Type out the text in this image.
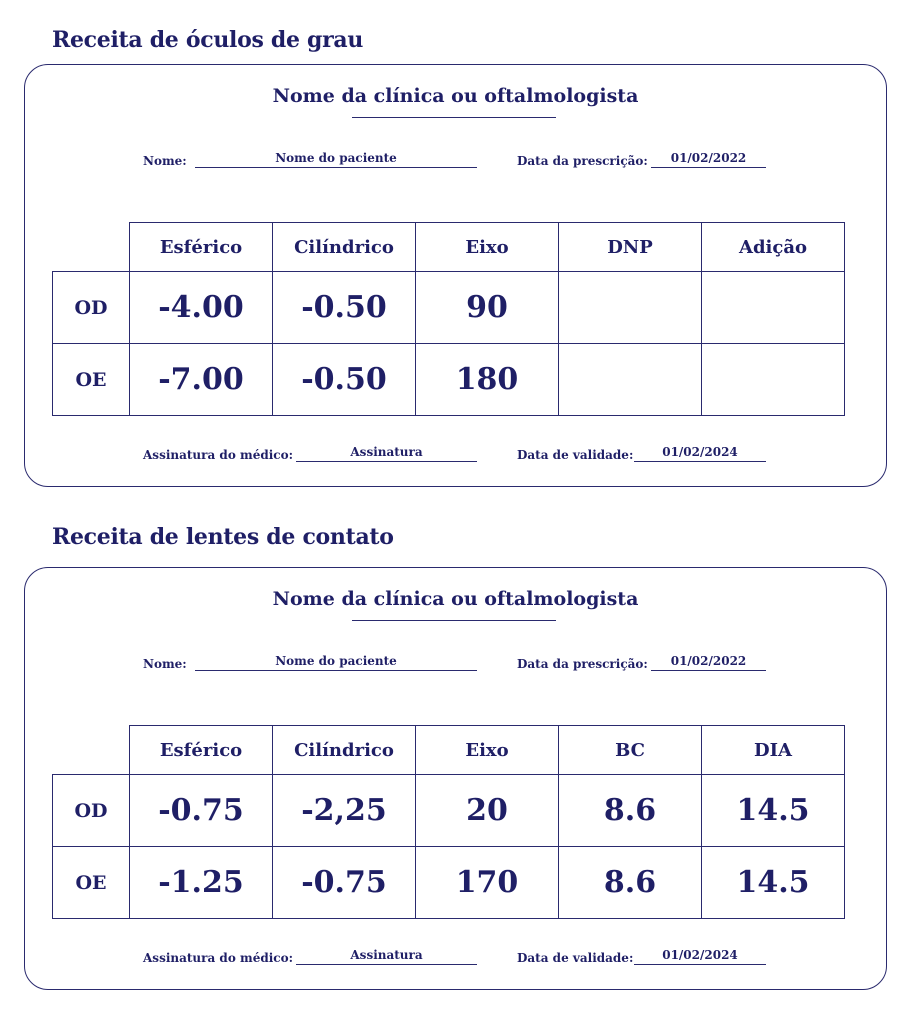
Receita de óculos de grau
Nome da clínica ou oftalmologista
Nome:	Nome do paciente	Data da prescrição:	01/02/2022
	Esférico	Cilíndrico	Eixo	DNP	Adição
OD	-4.00	-0.50	90		
OE	-7.00	-0.50	180		
Assinatura do médico:	Assinatura	Data de validade:	01/02/2024
Receita de lentes de contato
Nome da clínica ou oftalmologista
Nome:	Nome do paciente	Data da prescrição:	01/02/2022
	Esférico	Cilíndrico	Eixo	BC	DIA
OD	-0.75	-2,25	20	8.6	14.5
OE	-1.25	-0.75	170	8.6	14.5
Assinatura do médico:	Assinatura	Data de validade:	01/02/2024
